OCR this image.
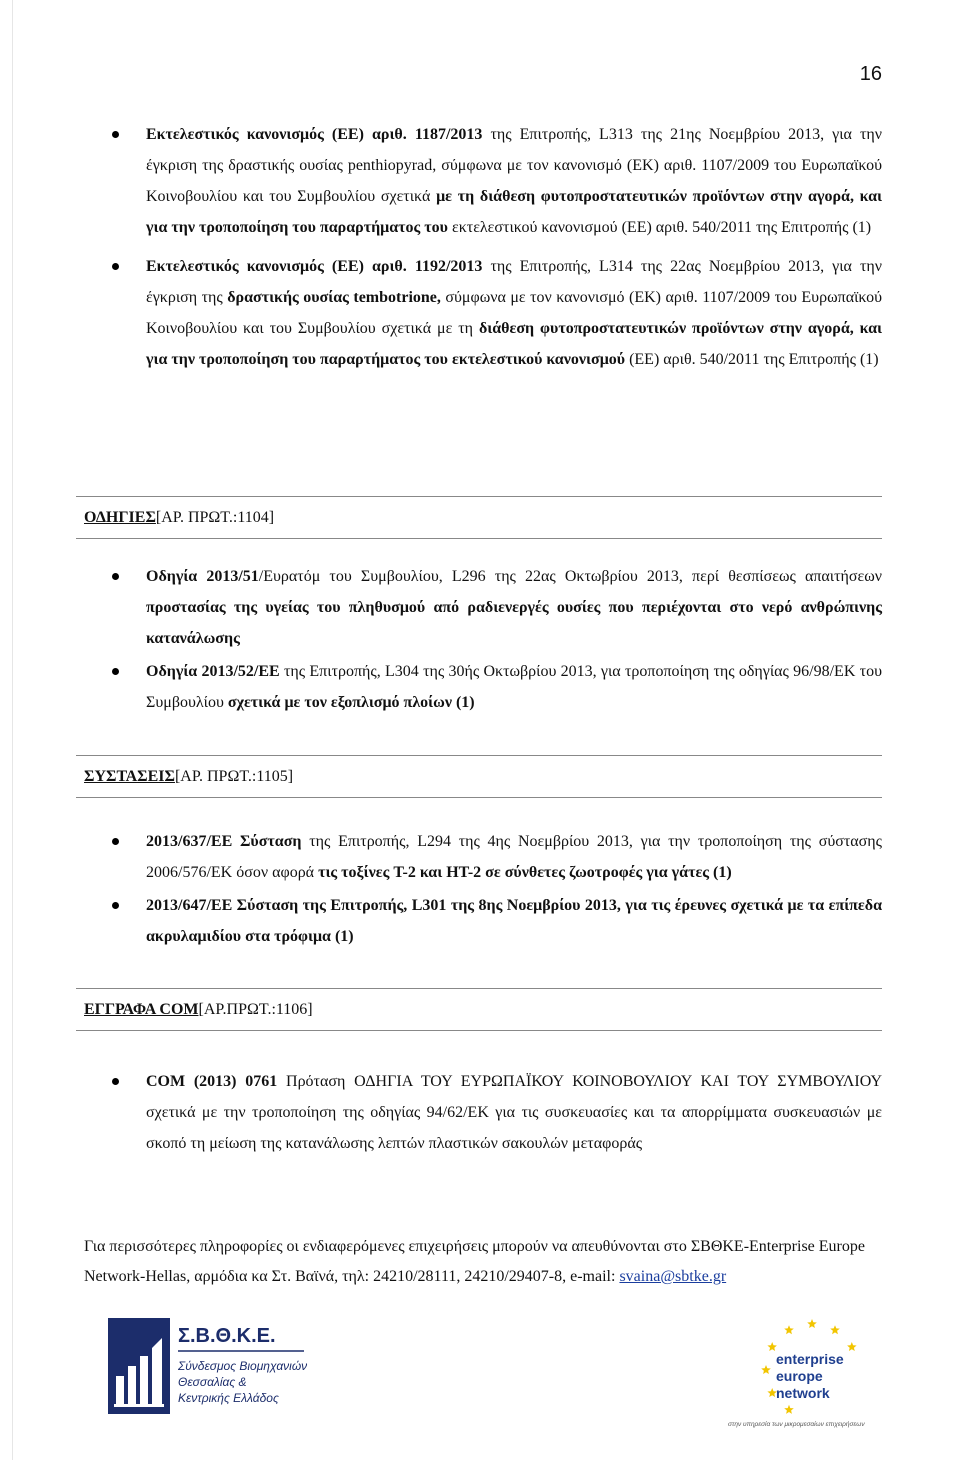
16
Εκτελεστικός κανονισμός (ΕΕ) αριθ. 1187/2013 της Επιτροπής, L313 της 21ης Νοεμβρίου 2013, για την έγκριση της δραστικής ουσίας penthiopyrad, σύμφωνα με τον κανονισμό (ΕΚ) αριθ. 1107/2009 του Ευρωπαϊκού Κοινοβουλίου και του Συμβουλίου σχετικά με τη διάθεση φυτοπροστατευτικών προϊόντων στην αγορά, και για την τροποποίηση του παραρτήματος του εκτελεστικού κανονισμού (ΕΕ) αριθ. 540/2011 της Επιτροπής (1)
Εκτελεστικός κανονισμός (ΕΕ) αριθ. 1192/2013 της Επιτροπής, L314 της 22ας Νοεμβρίου 2013, για την έγκριση της δραστικής ουσίας tembotrione, σύμφωνα με τον κανονισμό (ΕΚ) αριθ. 1107/2009 του Ευρωπαϊκού Κοινοβουλίου και του Συμβουλίου σχετικά με τη διάθεση φυτοπροστατευτικών προϊόντων στην αγορά, και για την τροποποίηση του παραρτήματος του εκτελεστικού κανονισμού (ΕΕ) αριθ. 540/2011 της Επιτροπής (1)
ΟΔΗΓΙΕΣ [ΑΡ. ΠΡΩΤ.:1104]
Οδηγία 2013/51/Ευρατόμ του Συμβουλίου, L296 της 22ας Οκτωβρίου 2013, περί θεσπίσεως απαιτήσεων προστασίας της υγείας του πληθυσμού από ραδιενεργές ουσίες που περιέχονται στο νερό ανθρώπινης κατανάλωσης
Οδηγία 2013/52/ΕΕ της Επιτροπής, L304 της 30ής Οκτωβρίου 2013, για τροποποίηση της οδηγίας 96/98/ΕΚ του Συμβουλίου σχετικά με τον εξοπλισμό πλοίων (1)
ΣΥΣΤΑΣΕΙΣ [ΑΡ. ΠΡΩΤ.:1105]
2013/637/ΕΕ Σύσταση της Επιτροπής, L294 της 4ης Νοεμβρίου 2013, για την τροποποίηση της σύστασης 2006/576/ΕΚ όσον αφορά τις τοξίνες T-2 και HT-2 σε σύνθετες ζωοτροφές για γάτες (1)
2013/647/ΕΕ Σύσταση της Επιτροπής, L301 της 8ης Νοεμβρίου 2013, για τις έρευνες σχετικά με τα επίπεδα ακρυλαμιδίου στα τρόφιμα (1)
ΕΓΓΡΑΦΑ COM [ΑΡ.ΠΡΩΤ.:1106]
COM (2013) 0761 Πρόταση ΟΔΗΓΙΑ ΤΟΥ ΕΥΡΩΠΑΪΚΟΥ ΚΟΙΝΟΒΟΥΛΙΟΥ ΚΑΙ ΤΟΥ ΣΥΜΒΟΥΛΙΟΥ σχετικά με την τροποποίηση της οδηγίας 94/62/ΕΚ για τις συσκευασίες και τα απορρίμματα συσκευασιών με σκοπό τη μείωση της κατανάλωσης λεπτών πλαστικών σακουλών μεταφοράς
Για περισσότερες πληροφορίες οι ενδιαφερόμενες επιχειρήσεις μπορούν να απευθύνονται στο ΣΒΘΚΕ-Enterprise Europe Network-Hellas, αρμόδια κα Στ. Βαϊνά, τηλ: 24210/28111, 24210/29407-8, e-mail: svaina@sbtke.gr
Σ.Β.Θ.Κ.Ε.
Σύνδεσμος Βιομηχανιών
Θεσσαλίας &
Κεντρικής Ελλάδος
enterprise
europe
network
στην υπηρεσία των μικρομεσαίων επιχειρήσεων
